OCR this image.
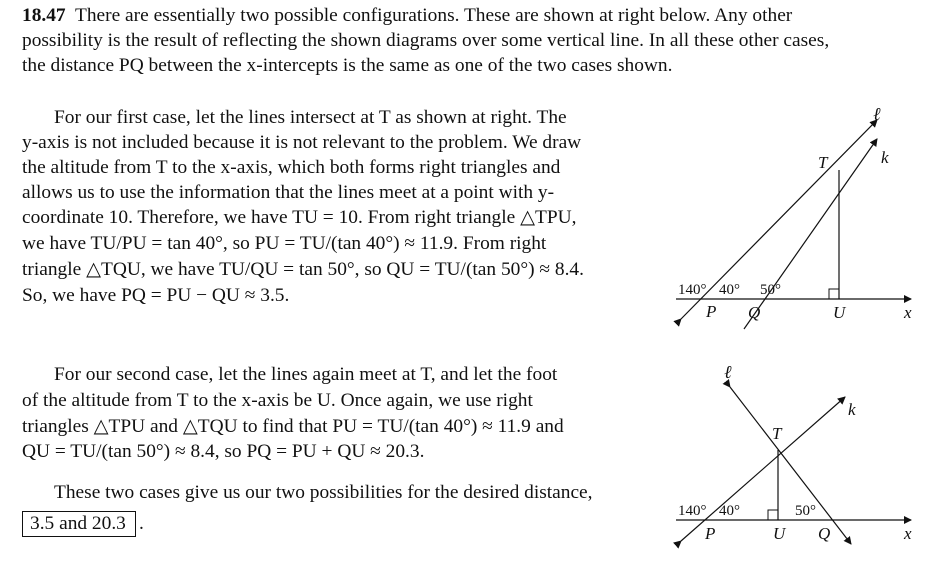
18.47 There are essentially two possible configurations. These are shown at right below. Any other
possibility is the result of reflecting the shown diagrams over some vertical line. In all these other cases,
the distance PQ between the x-intercepts is the same as one of the two cases shown.
For our first case, let the lines intersect at T as shown at right. The
y-axis is not included because it is not relevant to the problem. We draw
the altitude from T to the x-axis, which both forms right triangles and
allows us to use the information that the lines meet at a point with y-
coordinate 10. Therefore, we have TU = 10. From right triangle △TPU,
we have TU/PU = tan 40°, so PU = TU/(tan 40°) ≈ 11.9. From right
triangle △TQU, we have TU/QU = tan 50°, so QU = TU/(tan 50°) ≈ 8.4.
So, we have PQ = PU − QU ≈ 3.5.
For our second case, let the lines again meet at T, and let the foot
of the altitude from T to the x-axis be U. Once again, we use right
triangles △TPU and △TQU to find that PU = TU/(tan 40°) ≈ 11.9 and
QU = TU/(tan 50°) ≈ 8.4, so PQ = PU + QU ≈ 20.3.
These two cases give us our two possibilities for the desired distance,
3.5 and 20.3 .
ℓ
k
T
140° 40° 50°
P Q	U	x
ℓ
k
T
140° 40°	50°
P	U Q	x
